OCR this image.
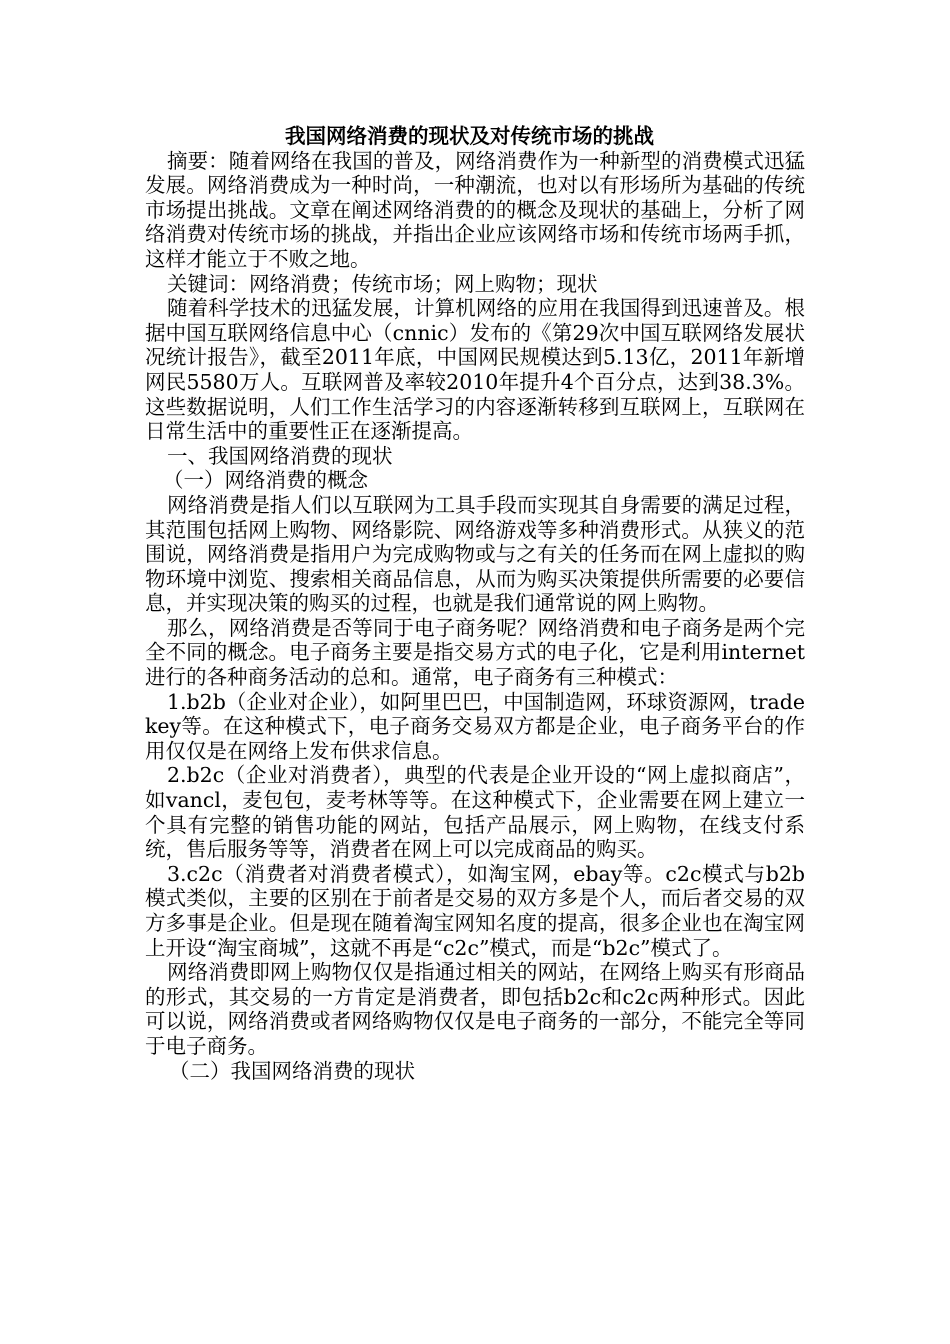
我国网络消费的现状及对传统市场的挑战

摘要：随着网络在我国的普及，网络消费作为一种新型的消费模式迅猛发展。网络消费成为一种时尚，一种潮流，也对以有形场所为基础的传统市场提出挑战。文章在阐述网络消费的的概念及现状的基础上，分析了网络消费对传统市场的挑战，并指出企业应该网络市场和传统市场两手抓，这样才能立于不败之地。

关键词：网络消费；传统市场；网上购物；现状

随着科学技术的迅猛发展，计算机网络的应用在我国得到迅速普及。根据中国互联网络信息中心（cnnic）发布的《第29次中国互联网络发展状况统计报告》，截至2011年底，中国网民规模达到5.13亿，2011年新增网民5580万人。互联网普及率较2010年提升4个百分点，达到38.3%。这些数据说明，人们工作生活学习的内容逐渐转移到互联网上，互联网在日常生活中的重要性正在逐渐提高。

一、我国网络消费的现状

（一）网络消费的概念

网络消费是指人们以互联网为工具手段而实现其自身需要的满足过程，其范围包括网上购物、网络影院、网络游戏等多种消费形式。从狭义的范围说，网络消费是指用户为完成购物或与之有关的任务而在网上虚拟的购物环境中浏览、搜索相关商品信息，从而为购买决策提供所需要的必要信息，并实现决策的购买的过程，也就是我们通常说的网上购物。

那么，网络消费是否等同于电子商务呢？网络消费和电子商务是两个完全不同的概念。电子商务主要是指交易方式的电子化，它是利用internet进行的各种商务活动的总和。通常，电子商务有三种模式：

1.b2b（企业对企业），如阿里巴巴，中国制造网，环球资源网，tradekey等。在这种模式下，电子商务交易双方都是企业，电子商务平台的作用仅仅是在网络上发布供求信息。

2.b2c（企业对消费者），典型的代表是企业开设的“网上虚拟商店”，如vancl，麦包包，麦考林等等。在这种模式下，企业需要在网上建立一个具有完整的销售功能的网站，包括产品展示，网上购物，在线支付系统，售后服务等等，消费者在网上可以完成商品的购买。

3.c2c（消费者对消费者模式），如淘宝网，ebay等。c2c模式与b2b模式类似，主要的区别在于前者是交易的双方多是个人，而后者交易的双方多事是企业。但是现在随着淘宝网知名度的提高，很多企业也在淘宝网上开设“淘宝商城”，这就不再是“c2c”模式，而是“b2c”模式了。

网络消费即网上购物仅仅是指通过相关的网站，在网络上购买有形商品的形式，其交易的一方肯定是消费者，即包括b2c和c2c两种形式。因此可以说，网络消费或者网络购物仅仅是电子商务的一部分，不能完全等同于电子商务。

（二）我国网络消费的现状
